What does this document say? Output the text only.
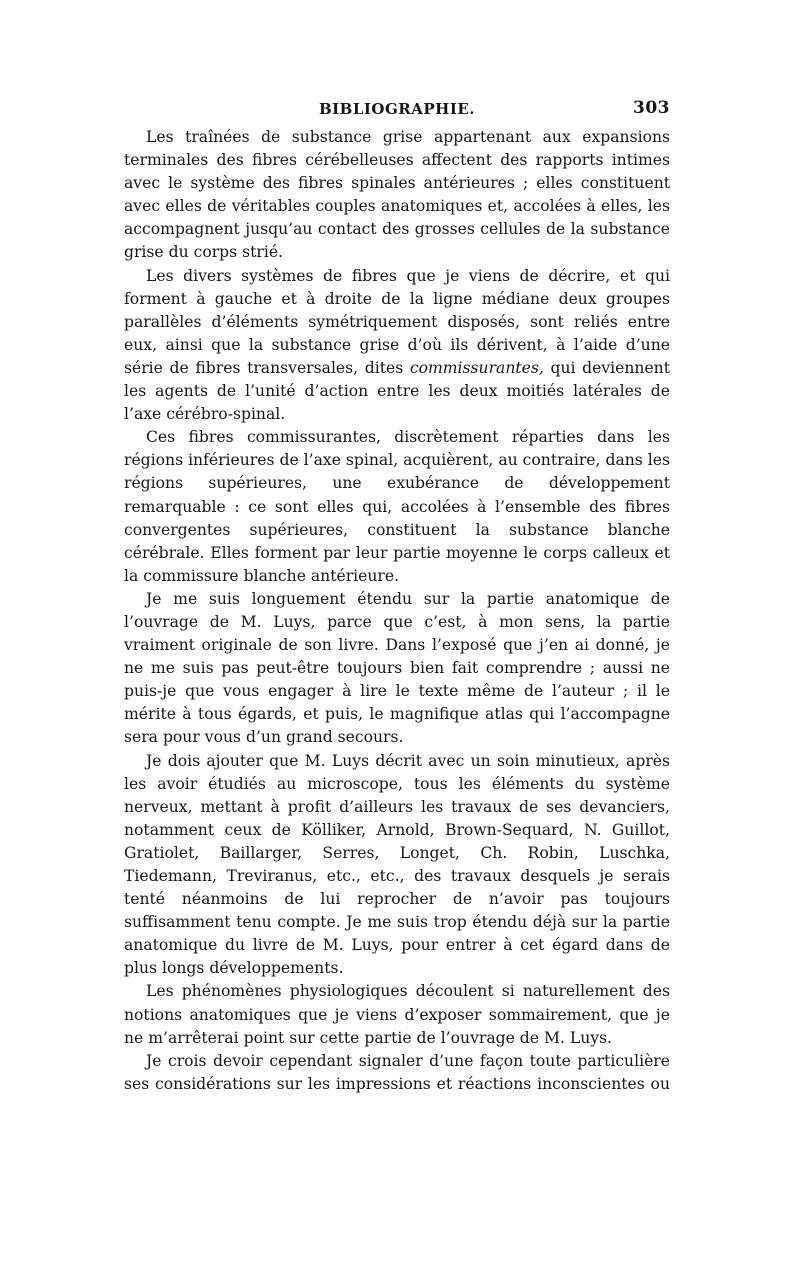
BIBLIOGRAPHIE.	303

Les traînées de substance grise appartenant aux expansions terminales des fibres cérébelleuses affectent des rapports intimes avec le système des fibres spinales antérieures ; elles constituent avec elles de véritables couples anatomiques et, accolées à elles, les accompagnent jusqu’au contact des grosses cellules de la substance grise du corps strié.

Les divers systèmes de fibres que je viens de décrire, et qui forment à gauche et à droite de la ligne médiane deux groupes parallèles d’éléments symétriquement disposés, sont reliés entre eux, ainsi que la substance grise d’où ils dérivent, à l’aide d’une série de fibres transversales, dites commissurantes, qui deviennent les agents de l’unité d’action entre les deux moitiés latérales de l’axe cérébro-spinal.

Ces fibres commissurantes, discrètement réparties dans les régions inférieures de l’axe spinal, acquièrent, au contraire, dans les régions supérieures, une exubérance de développement remarquable : ce sont elles qui, accolées à l’ensemble des fibres convergentes supérieures, constituent la substance blanche cérébrale. Elles forment par leur partie moyenne le corps calleux et la commissure blanche antérieure.

Je me suis longuement étendu sur la partie anatomique de l’ouvrage de M. Luys, parce que c’est, à mon sens, la partie vraiment originale de son livre. Dans l’exposé que j’en ai donné, je ne me suis pas peut-être toujours bien fait comprendre ; aussi ne puis-je que vous engager à lire le texte même de l’auteur ; il le mérite à tous égards, et puis, le magnifique atlas qui l’accompagne sera pour vous d’un grand secours.

Je dois ajouter que M. Luys décrit avec un soin minutieux, après les avoir étudiés au microscope, tous les éléments du système nerveux, mettant à profit d’ailleurs les travaux de ses devanciers, notamment ceux de Kölliker, Arnold, Brown-Sequard, N. Guillot, Gratiolet, Baillarger, Serres, Longet, Ch. Robin, Luschka, Tiedemann, Treviranus, etc., etc., des travaux desquels je serais tenté néanmoins de lui reprocher de n’avoir pas toujours suffisamment tenu compte. Je me suis trop étendu déjà sur la partie anatomique du livre de M. Luys, pour entrer à cet égard dans de plus longs développements.

Les phénomènes physiologiques découlent si naturellement des notions anatomiques que je viens d’exposer sommairement, que je ne m’arrêterai point sur cette partie de l’ouvrage de M. Luys.

Je crois devoir cependant signaler d’une façon toute particulière ses considérations sur les impressions et réactions inconscientes ou
